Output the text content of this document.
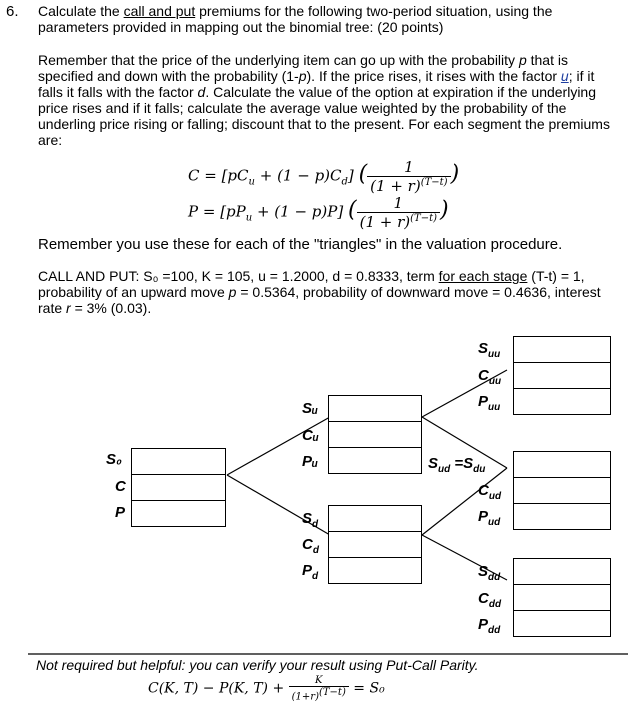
6. Calculate the call and put premiums for the following two-period situation, using the parameters provided in mapping out the binomial tree: (20 points)
Remember that the price of the underlying item can go up with the probability p that is specified and down with the probability (1-p). If the price rises, it rises with the factor u; if it falls it falls with the factor d. Calculate the value of the option at expiration if the underlying price rises and if it falls; calculate the average value weighted by the probability of the underling price rising or falling; discount that to the present. For each segment the premiums are:
$C = [pC_u + (1 - p)C_d]$ ( $\frac{1}{(1 + r)^{(T-t)}}$ )
$P = [pP_u + (1 - p)P]$ ( $\frac{1}{(1 + r)^{(T-t)}}$ )
Remember you use these for each of the "triangles" in the valuation procedure.
CALL AND PUT: S₀ =100, K = 105, u = 1.2000, d = 0.8333, term for each stage (T-t) = 1, probability of an upward move p = 0.5364, probability of downward move = 0.4636, interest rate r = 3% (0.03).
S₀
C
P
Sᵤ
Cᵤ
Pᵤ
$S_d$
$C_d$
$P_d$
$S_{uu}$
$C_{uu}$
$P_{uu}$
$S_{ud} =S_{du}$
$C_{ud}$
$P_{ud}$
$S_{dd}$
$C_{dd}$
$P_{dd}$
Not required but helpful: you can verify your result using Put-Call Parity.
C(K, T) − P(K, $T) + \frac{K}{(1+r)^{(T-t)}} = S_0$
